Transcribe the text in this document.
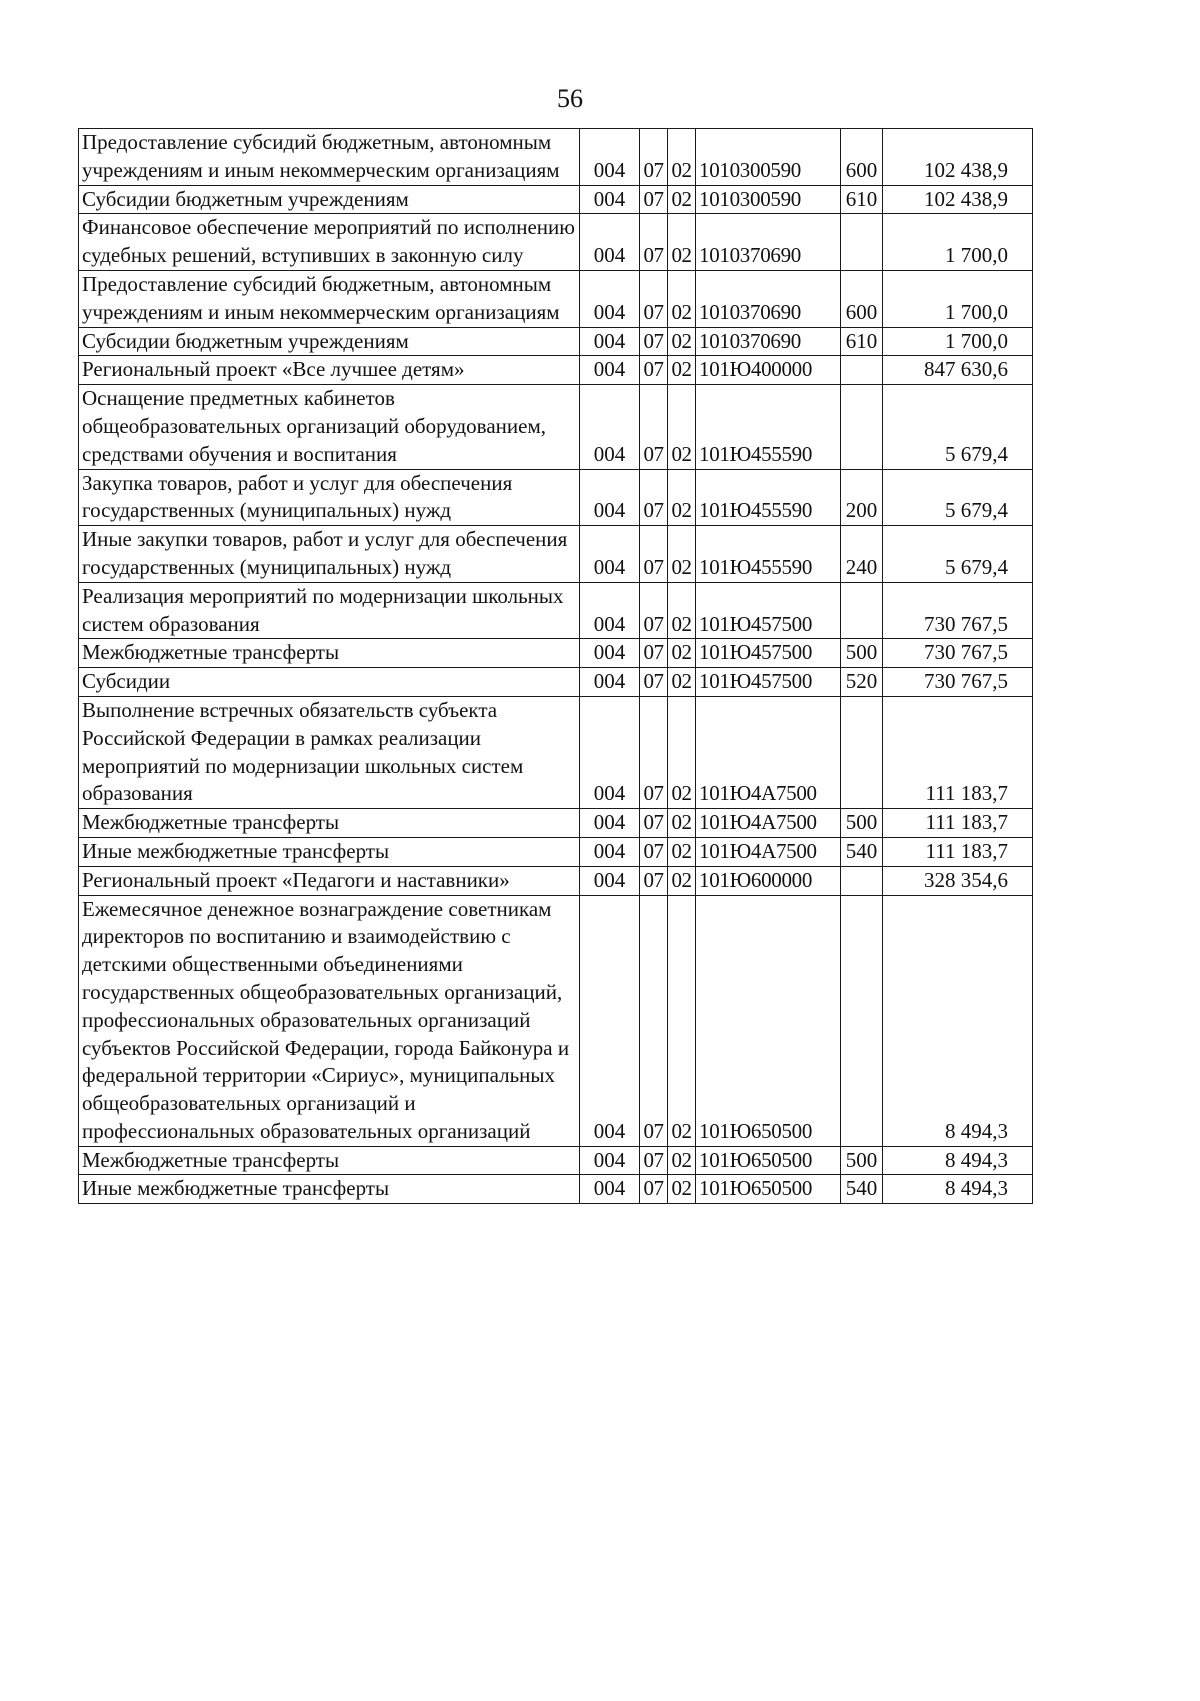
56
Предоставление субсидий бюджетным, автономным учреждениям и иным некоммерческим организациям	004	07	02	1010300590	600	102 438,9
Субсидии бюджетным учреждениям	004	07	02	1010300590	610	102 438,9
Финансовое обеспечение мероприятий по исполнению судебных решений, вступивших в законную силу	004	07	02	1010370690		1 700,0
Предоставление субсидий бюджетным, автономным учреждениям и иным некоммерческим организациям	004	07	02	1010370690	600	1 700,0
Субсидии бюджетным учреждениям	004	07	02	1010370690	610	1 700,0
Региональный проект «Все лучшее детям»	004	07	02	101Ю400000		847 630,6
Оснащение предметных кабинетов общеобразовательных организаций оборудованием, средствами обучения и воспитания	004	07	02	101Ю455590		5 679,4
Закупка товаров, работ и услуг для обеспечения государственных (муниципальных) нужд	004	07	02	101Ю455590	200	5 679,4
Иные закупки товаров, работ и услуг для обеспечения государственных (муниципальных) нужд	004	07	02	101Ю455590	240	5 679,4
Реализация мероприятий по модернизации школьных систем образования	004	07	02	101Ю457500		730 767,5
Межбюджетные трансферты	004	07	02	101Ю457500	500	730 767,5
Субсидии	004	07	02	101Ю457500	520	730 767,5
Выполнение встречных обязательств субъекта Российской Федерации в рамках реализации мероприятий по модернизации школьных систем образования	004	07	02	101Ю4А7500		111 183,7
Межбюджетные трансферты	004	07	02	101Ю4А7500	500	111 183,7
Иные межбюджетные трансферты	004	07	02	101Ю4А7500	540	111 183,7
Региональный проект «Педагоги и наставники»	004	07	02	101Ю600000		328 354,6
Ежемесячное денежное вознаграждение советникам директоров по воспитанию и взаимодействию с детскими общественными объединениями государственных общеобразовательных организаций, профессиональных образовательных организаций субъектов Российской Федерации, города Байконура и федеральной территории «Сириус», муниципальных общеобразовательных организаций и профессиональных образовательных организаций	004	07	02	101Ю650500		8 494,3
Межбюджетные трансферты	004	07	02	101Ю650500	500	8 494,3
Иные межбюджетные трансферты	004	07	02	101Ю650500	540	8 494,3
